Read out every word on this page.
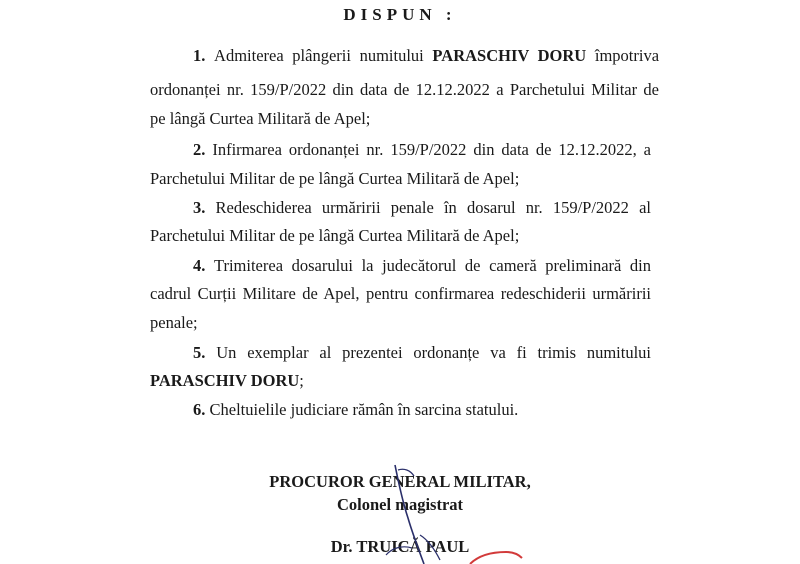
DISPUN :
1. Admiterea plângerii numitului PARASCHIV DORU împotriva
ordonanței nr. 159/P/2022 din data de 12.12.2022 a Parchetului Militar de
pe lângă Curtea Militară de Apel;
2. Infirmarea ordonanței nr. 159/P/2022 din data de 12.12.2022, a
Parchetului Militar de pe lângă Curtea Militară de Apel;
3. Redeschiderea urmăririi penale în dosarul nr. 159/P/2022 al
Parchetului Militar de pe lângă Curtea Militară de Apel;
4. Trimiterea dosarului la judecătorul de cameră preliminară din
cadrul Curții Militare de Apel, pentru confirmarea redeschiderii urmăririi
penale;
5. Un exemplar al prezentei ordonanțe va fi trimis numitului
PARASCHIV DORU;
6. Cheltuielile judiciare rămân în sarcina statului.
PROCUROR GENERAL MILITAR,
Colonel magistrat
Dr. TRUICĂ PAUL
